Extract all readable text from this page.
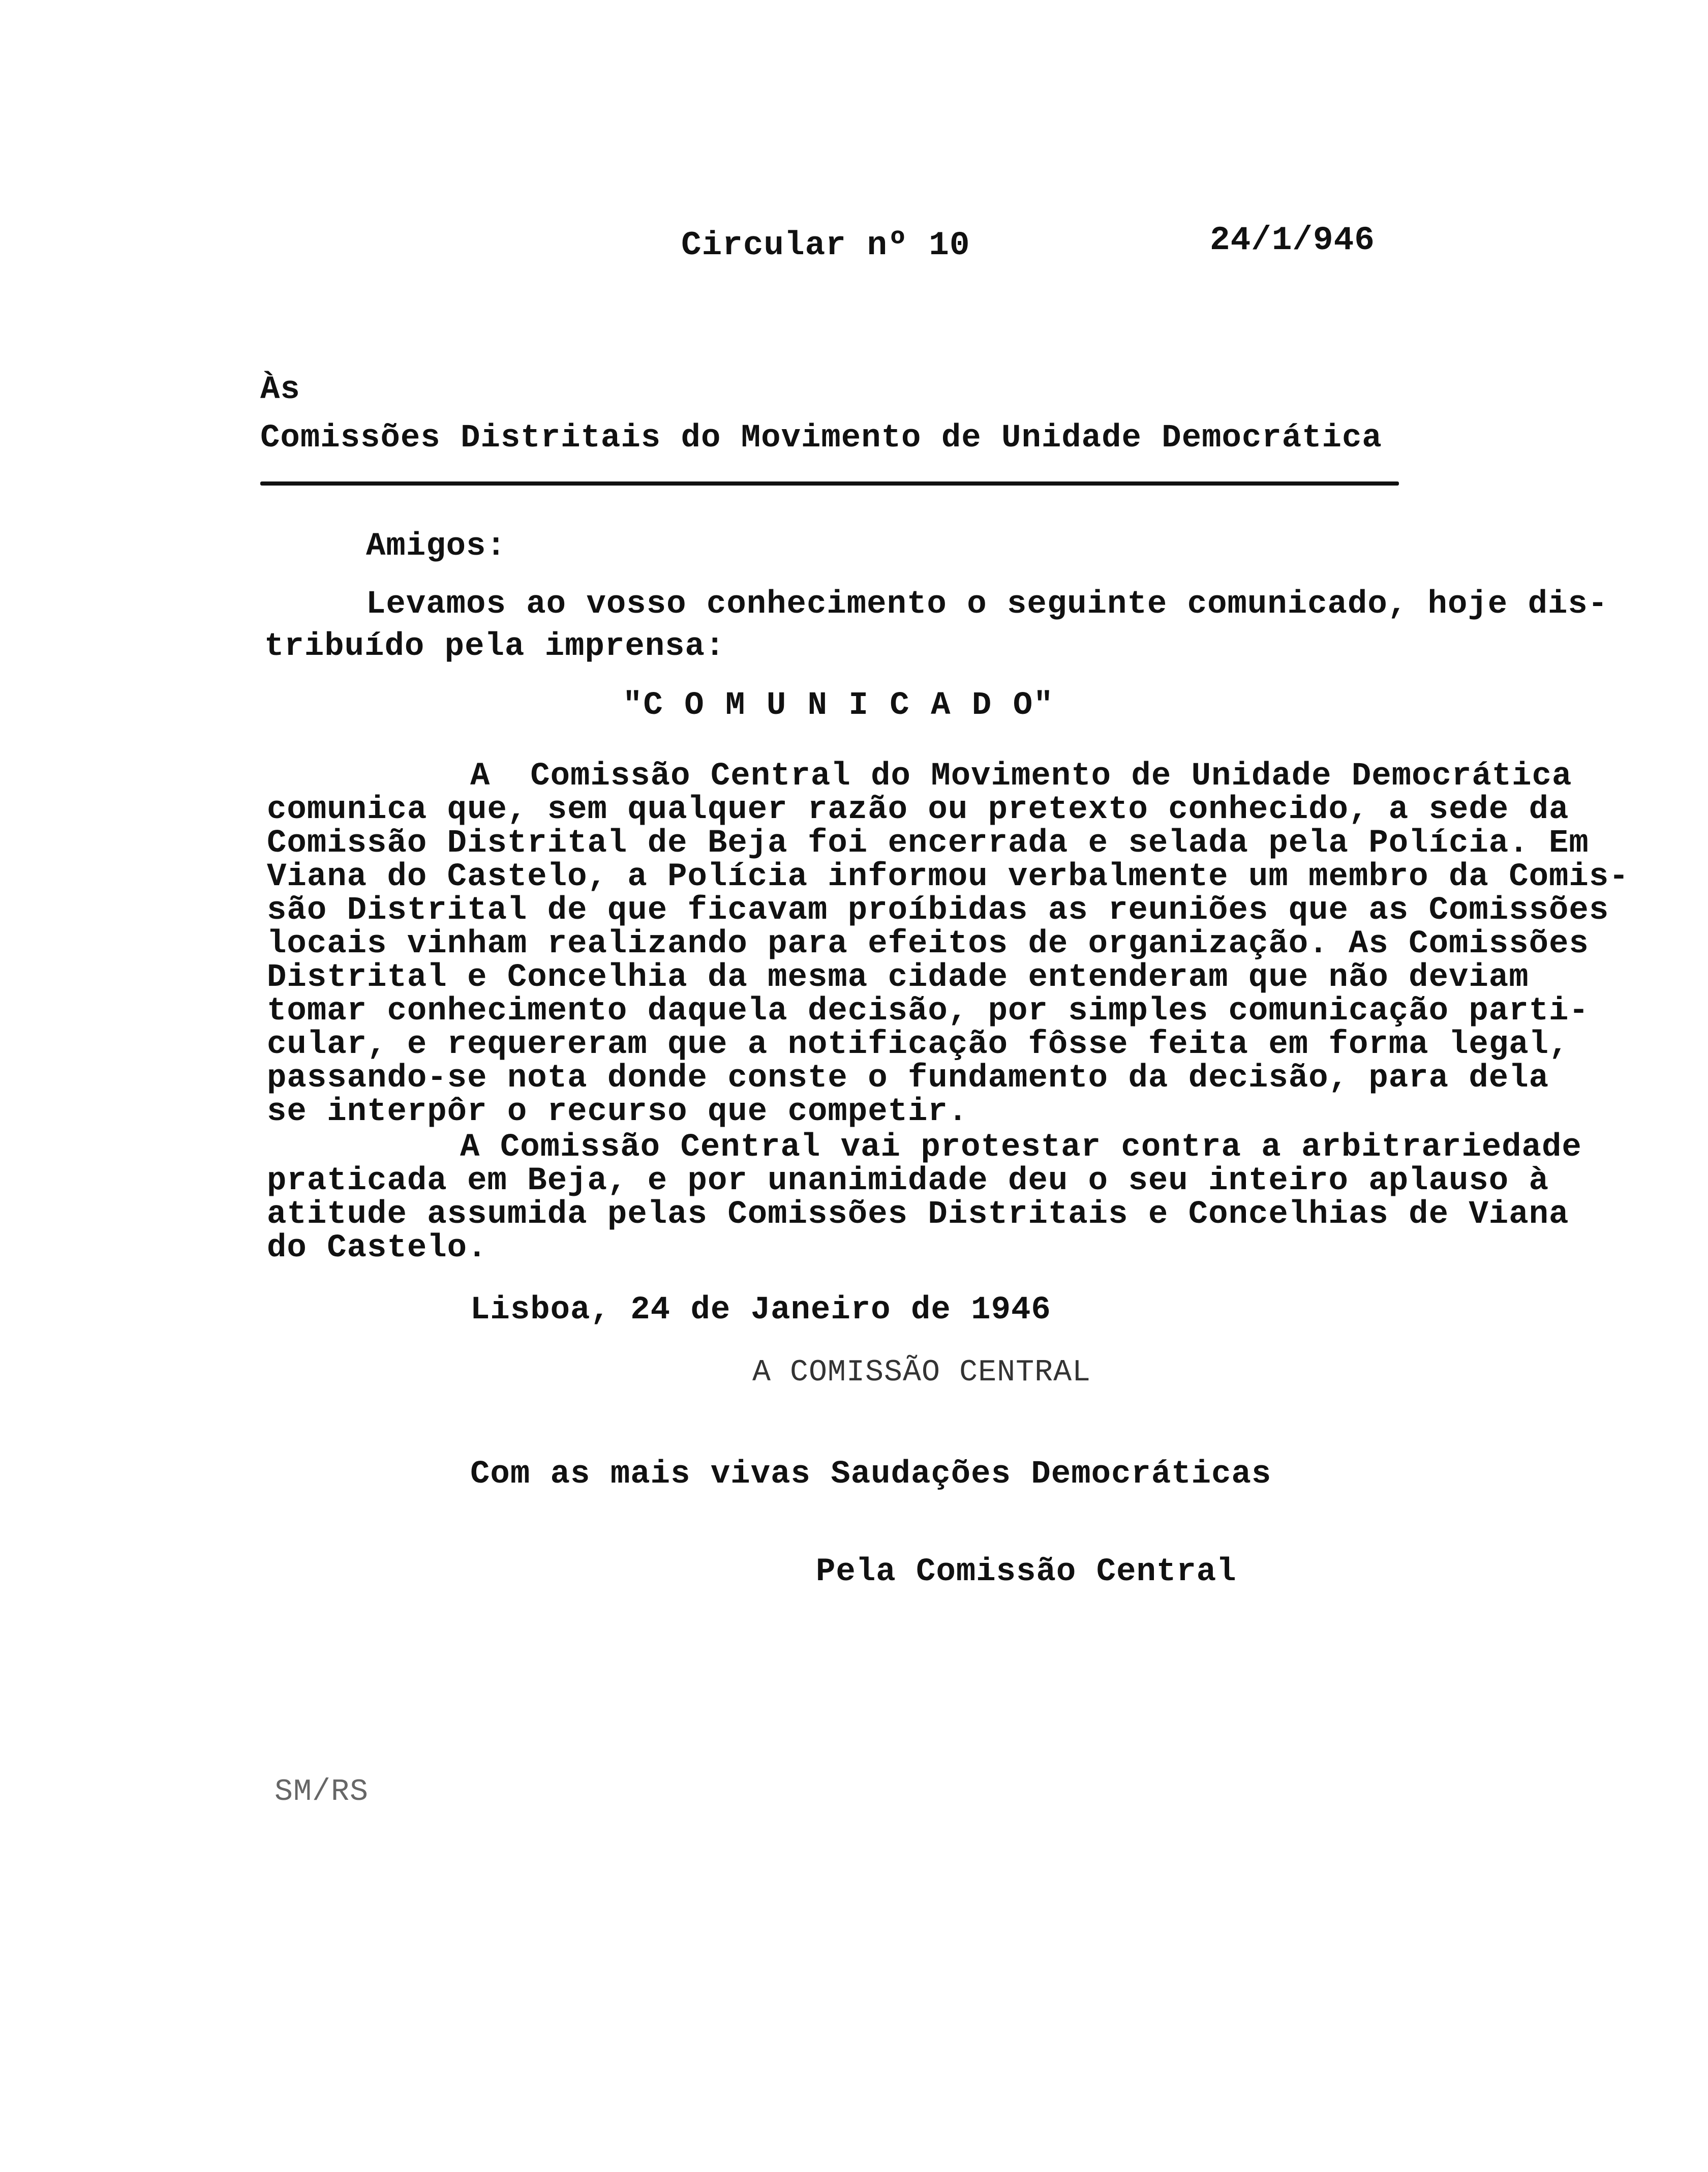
Circular nº 10	24/1/946
Às
Comissões Distritais do Movimento de Unidade Democrática
Amigos:
Levamos ao vosso conhecimento o seguinte comunicado, hoje dis-
tribuído pela imprensa:
"C O M U N I C A D O"
A  Comissão Central do Movimento de Unidade Democrática
comunica que, sem qualquer razão ou pretexto conhecido, a sede da
Comissão Distrital de Beja foi encerrada e selada pela Polícia. Em
Viana do Castelo, a Polícia informou verbalmente um membro da Comis-
são Distrital de que ficavam proíbidas as reuniões que as Comissões
locais vinham realizando para efeitos de organização. As Comissões
Distrital e Concelhia da mesma cidade entenderam que não deviam
tomar conhecimento daquela decisão, por simples comunicação parti-
cular, e requereram que a notificação fôsse feita em forma legal,
passando-se nota donde conste o fundamento da decisão, para dela
se interpôr o recurso que competir.
A Comissão Central vai protestar contra a arbitrariedade
praticada em Beja, e por unanimidade deu o seu inteiro aplauso à
atitude assumida pelas Comissões Distritais e Concelhias de Viana
do Castelo.
Lisboa, 24 de Janeiro de 1946
A COMISSÃO CENTRAL
Com as mais vivas Saudações Democráticas
Pela Comissão Central
SM/RS
